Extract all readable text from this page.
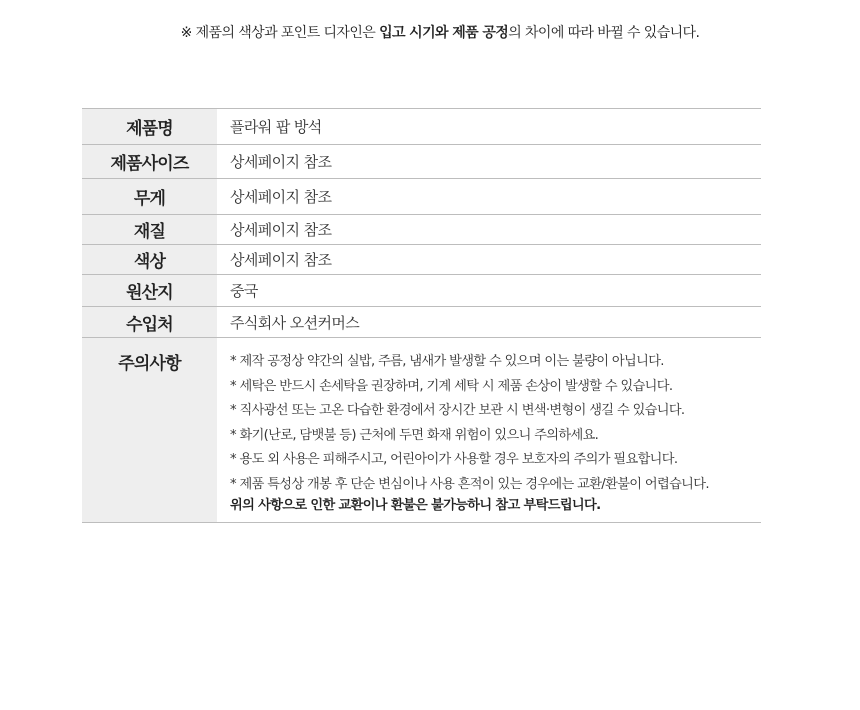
※ 제품의 색상과 포인트 디자인은 입고 시기와 제품 공정의 차이에 따라 바뀔 수 있습니다.
제품명	플라워 팝 방석
제품사이즈	상세페이지 참조
무게	상세페이지 참조
재질	상세페이지 참조
색상	상세페이지 참조
원산지	중국
수입처	주식회사 오션커머스
주의사항	* 제작 공정상 약간의 실밥, 주름, 냄새가 발생할 수 있으며 이는 불량이 아닙니다.
* 세탁은 반드시 손세탁을 권장하며, 기계 세탁 시 제품 손상이 발생할 수 있습니다.
* 직사광선 또는 고온 다습한 환경에서 장시간 보관 시 변색·변형이 생길 수 있습니다.
* 화기(난로, 담뱃불 등) 근처에 두면 화재 위험이 있으니 주의하세요.
* 용도 외 사용은 피해주시고, 어린아이가 사용할 경우 보호자의 주의가 필요합니다.
* 제품 특성상 개봉 후 단순 변심이나 사용 흔적이 있는 경우에는 교환/환불이 어렵습니다.
위의 사항으로 인한 교환이나 환불은 불가능하니 참고 부탁드립니다.
